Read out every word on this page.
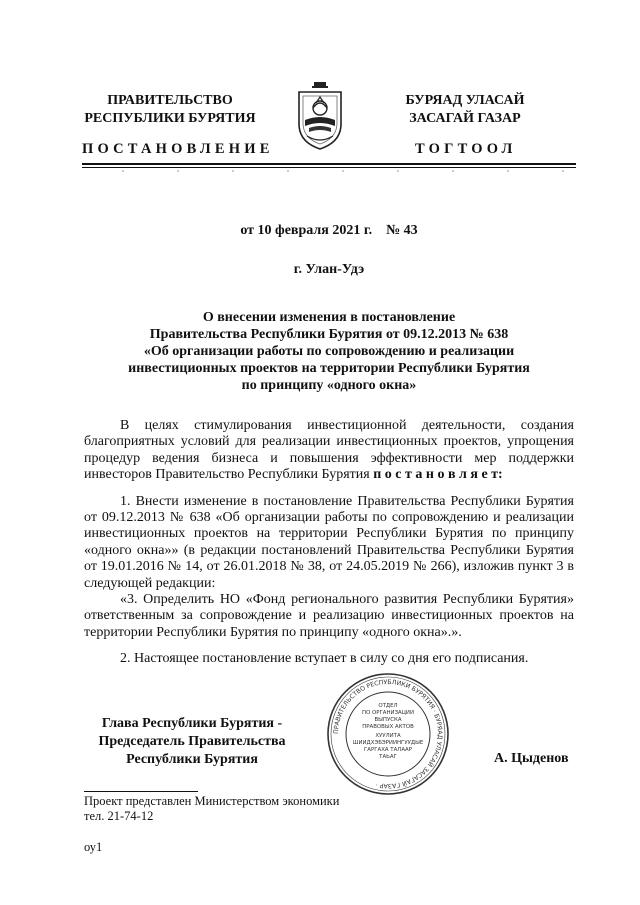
ПРАВИТЕЛЬСТВО
РЕСПУБЛИКИ БУРЯТИЯ
БУРЯАД УЛАСАЙ
ЗАСАГАЙ ГАЗАР
ПОСТАНОВЛЕНИЕ	ТОГТООЛ
от 10 февраля 2021 г.    № 43
г. Улан-Удэ
О внесении изменения в постановление
Правительства Республики Бурятия от 09.12.2013 № 638
«Об организации работы по сопровождению и реализации
инвестиционных проектов на территории Республики Бурятия
по принципу «одного окна»

В целях стимулирования инвестиционной деятельности, создания благоприятных условий для реализации инвестиционных проектов, упрощения процедур ведения бизнеса и повышения эффективности мер поддержки инвесторов Правительство Республики Бурятия п о с т а н о в л я е т:

1. Внести изменение в постановление Правительства Республики Бурятия от 09.12.2013 № 638 «Об организации работы по сопровождению и реализации инвестиционных проектов на территории Республики Бурятия по принципу «одного окна»» (в редакции постановлений Правительства Республики Бурятия от 19.01.2016 № 14, от 26.01.2018 № 38, от 24.05.2019 № 266), изложив пункт 3 в следующей редакции:

«3. Определить НО «Фонд регионального развития Республики Бурятия» ответственным за сопровождение и реализацию инвестиционных проектов на территории Республики Бурятия по принципу «одного окна».».

2. Настоящее постановление вступает в силу со дня его подписания.

ПРАВИТЕЛЬСТВО РЕСПУБЛИКИ БУРЯТИЯ · БУРЯАД УЛАСАЙ ЗАСАГАЙ ГАЗАР ·
ОТДЕЛ
ПО ОРГАНИЗАЦИИ
ВЫПУСКА
ПРАВОВЫХ АКТОВ
ХУУЛИТА
ШИИДХЭБЭРИИНГУУДЫЕ
ГАРГАХА ТАЛААР
ТАЬАГ
Глава Республики Бурятия -
Председатель Правительства
Республики Бурятия	А. Цыденов
Проект представлен Министерством экономики
тел. 21-74-12
оу1
